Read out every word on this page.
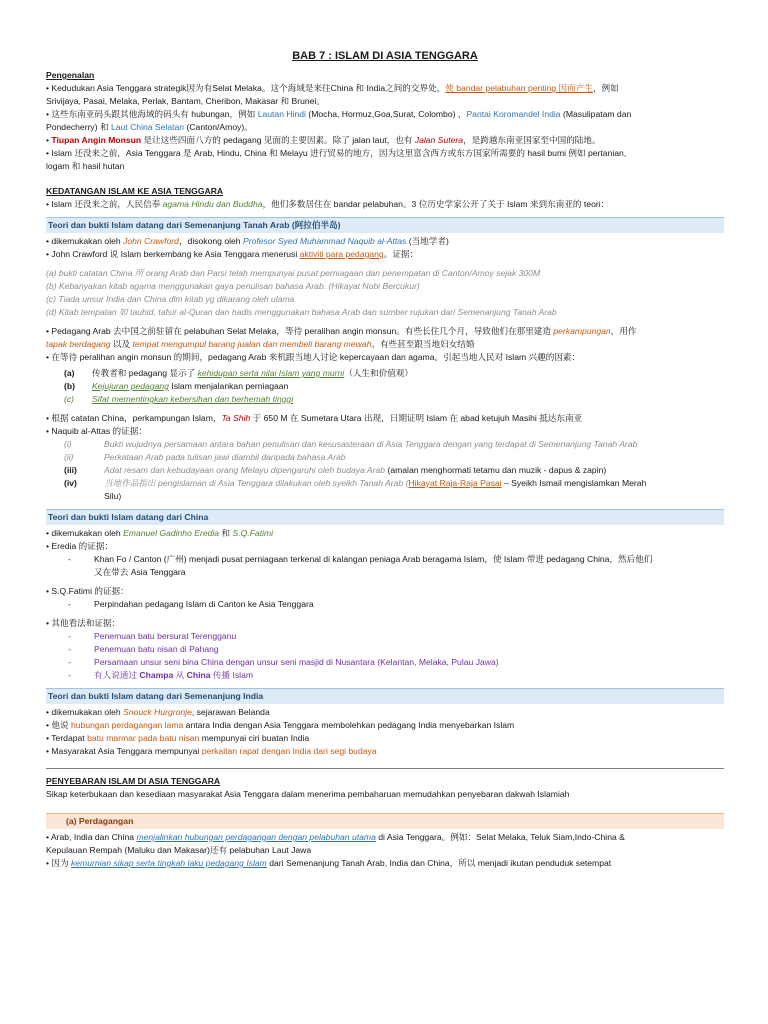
BAB 7 : ISLAM DI ASIA TENGGARA
Pengenalan
• Kedudukan Asia Tenggara strategik因为有Selat Melaka。这个海域是来往China 和 India之间的交界处，使 bandar pelabuhan penting 因而产生，例如
Srivijaya, Pasai, Melaka, Perlak, Bantam, Cheribon, Makasar 和 Brunei。
• 这些东南亚码头跟其他海域的码头有 hubungan，例如 Lautan Hindi (Mocha, Hormuz,Goa,Surat, Colombo) ，Pantai Koromandel India (Masulipatam dan
Pondecherry) 和 Laut China Selatan (Canton/Amoy)。
• Tiupan Angin Monsun 是让这些四面八方的 pedagang 见面的主要因素。除了 jalan laut，也有 Jalan Sutera，是跨越东南亚国家至中国的陆地。
• Islam 还没来之前，Asia Tenggara 是 Arab, Hindu, China 和 Melayu 进行贸易的地方，因为这里富含西方或东方国家所需要的 hasil bumi 例如 pertanian,
logam 和 hasil hutan
KEDATANGAN ISLAM KE ASIA TENGGARA
• Islam 还没来之前，人民信奉 agama Hindu dan Buddha，他们多数居住在 bandar pelabuhan。3 位历史学家公开了关于 Islam 来到东南亚的 teori：
Teori dan bukti Islam datang dari Semenanjung Tanah Arab (阿拉伯半岛)
• dikemukakan oleh John Crawford，disokong oleh Profesor Syed Muhammad Naquib al-Attas (当地学者)
• John Crawford 说 Islam berkembang ke Asia Tenggara menerusi aktiviti para pedagang。证据：
(a) bukti catatan China 所 orang Arab dan Parsi telah mempunyai pusat perniagaan dan penempatan di Canton/Amoy sejak 300M
(b) Kebanyakan kitab agama menggunakan gaya penulisan bahasa Arab. (Hikayat Nobi Bercukur)
(c) Tiada unsur India dan China dlm kitab yg dikarang oleh ulama
(d) Kitab tempatan 如 tauhid, tafsir al-Quran dan hadis menggunakan bahasa Arab dan sumber rujukan dari Semenanjung Tanah Arab
• Pedagang Arab 去中国之前驻留在 pelabuhan Selat Melaka，等待 peralihan angin monsun。有些长住几个月，导致他们在那里建造 perkampungan，用作
tapak berdagang 以及 tempat mengumpul barang jualan dan membeli barang mewah。有些甚至跟当地妇女结婚
• 在等待 peralihan angin monsun 的期间，pedagang Arab 来机跟当地人讨论 kepercayaan dan agama。引起当地人民对 Islam 兴趣的因素：
(a)	传教者和 pedagang 显示了 kehidupan serta nilai Islam yang murni（人生和价值观）
(b)	Kejujuran pedagang Islam menjalankan perniagaan
(c)	Sifat mementingkan kebersihan dan berhemah tinggi
• 根据 catatan China，perkampungan Islam，Ta Shih 于 650 M 在 Sumetara Utara 出现，日期证明 Islam 在 abad ketujuh Masihi 抵达东南亚
• Naquib al-Attas 的证据：
(i)	Bukti wujudnya persamaan antara bahan penulisan dan kesusasteraan di Asia Tenggara dengan yang terdapat di Semenanjung Tanah Arab
(ii)	Perkataan Arab pada tulisan jawi diambil daripada bahasa Arab
(iii)	Adat resam dan kebudayaan orang Melayu dipengaruhi oleh budaya Arab (amalan menghormati tetamu dan muzik - dapus & zapin)
(iv)	当地作品指出 pengislaman di Asia Tenggara dilakukan oleh syeikh Tanah Arab (Hikayat Raja-Raja Pasai – Syeikh Ismail mengislamkan Merah
Silu)
Teori dan bukti Islam datang dari China
• dikemukakan oleh Emanuel Gadinho Eredia 和 S.Q.Fatimi
• Eredia 的证据：
-	Khan Fo / Canton (广州) menjadi pusat perniagaan terkenal di kalangan peniaga Arab beragama Islam，使 Islam 带进 pedagang China，然后他们
又在带去 Asia Tenggara
• S.Q.Fatimi 的证据：
-	Perpindahan pedagang Islam di Canton ke Asia Tenggara
• 其他看法和证据：
-	Penemuan batu bersurat Terengganu
-	Penemuan batu nisan di Pahang
-	Persamaan unsur seni bina China dengan unsur seni masjid di Nusantara (Kelantan, Melaka, Pulau Jawa)
-	有人说通过 Champa 从 China 传播 Islam
Teori dan bukti Islam datang dari Semenanjung India
• dikemukakan oleh Snouck Hurgronje, sejarawan Belanda
• 他说 hubungan perdagangan lama antara India dengan Asia Tenggara membolehkan pedagang India menyebarkan Islam
• Terdapat batu marmar pada batu nisan mempunyai ciri buatan India
• Masyarakat Asia Tenggara mempunyai perkaitan rapat dengan India dari segi budaya
PENYEBARAN ISLAM DI ASIA TENGGARA
Sikap keterbukaan dan kesediaan masyarakat Asia Tenggara dalam menerima pembaharuan memudahkan penyebaran dakwah Islamiah
(a) Perdagangan
• Arab, India dan China menjalinkan hubungan perdagangan dengan pelabuhan utama di Asia Tenggara。例如：Selat Melaka, Teluk Siam,Indo-China &
Kepulauan Rempah (Maluku dan Makasar)还有 pelabuhan Laut Jawa
• 因为 kemurnian sikap serta tingkah laku pedagang Islam dari Semenanjung Tanah Arab, India dan China，所以 menjadi ikutan penduduk setempat
